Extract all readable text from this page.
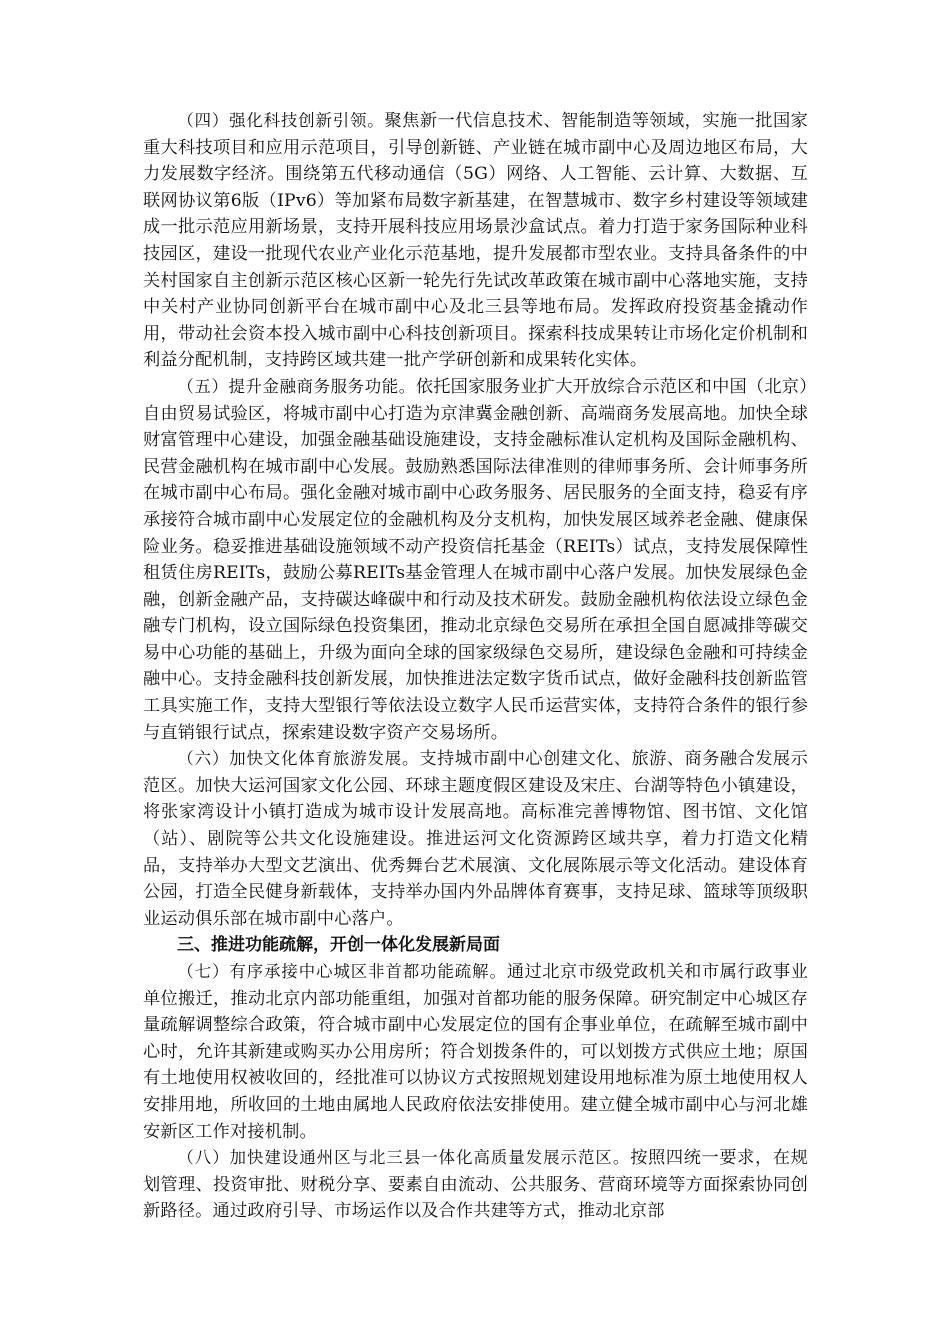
（四）强化科技创新引领。聚焦新一代信息技术、智能制造等领域，实施一批国家重大科技项目和应用示范项目，引导创新链、产业链在城市副中心及周边地区布局，大力发展数字经济。围绕第五代移动通信（5G）网络、人工智能、云计算、大数据、互联网协议第6版（IPv6）等加紧布局数字新基建，在智慧城市、数字乡村建设等领域建成一批示范应用新场景，支持开展科技应用场景沙盒试点。着力打造于家务国际种业科技园区，建设一批现代农业产业化示范基地，提升发展都市型农业。支持具备条件的中关村国家自主创新示范区核心区新一轮先行先试改革政策在城市副中心落地实施，支持中关村产业协同创新平台在城市副中心及北三县等地布局。发挥政府投资基金撬动作用，带动社会资本投入城市副中心科技创新项目。探索科技成果转让市场化定价机制和利益分配机制，支持跨区域共建一批产学研创新和成果转化实体。

（五）提升金融商务服务功能。依托国家服务业扩大开放综合示范区和中国（北京）自由贸易试验区，将城市副中心打造为京津冀金融创新、高端商务发展高地。加快全球财富管理中心建设，加强金融基础设施建设，支持金融标准认定机构及国际金融机构、民营金融机构在城市副中心发展。鼓励熟悉国际法律准则的律师事务所、会计师事务所在城市副中心布局。强化金融对城市副中心政务服务、居民服务的全面支持，稳妥有序承接符合城市副中心发展定位的金融机构及分支机构，加快发展区域养老金融、健康保险业务。稳妥推进基础设施领域不动产投资信托基金（REITs）试点，支持发展保障性租赁住房REITs，鼓励公募REITs基金管理人在城市副中心落户发展。加快发展绿色金融，创新金融产品，支持碳达峰碳中和行动及技术研发。鼓励金融机构依法设立绿色金融专门机构，设立国际绿色投资集团，推动北京绿色交易所在承担全国自愿减排等碳交易中心功能的基础上，升级为面向全球的国家级绿色交易所，建设绿色金融和可持续金融中心。支持金融科技创新发展，加快推进法定数字货币试点，做好金融科技创新监管工具实施工作，支持大型银行等依法设立数字人民币运营实体，支持符合条件的银行参与直销银行试点，探索建设数字资产交易场所。

（六）加快文化体育旅游发展。支持城市副中心创建文化、旅游、商务融合发展示范区。加快大运河国家文化公园、环球主题度假区建设及宋庄、台湖等特色小镇建设，将张家湾设计小镇打造成为城市设计发展高地。高标准完善博物馆、图书馆、文化馆（站）、剧院等公共文化设施建设。推进运河文化资源跨区域共享，着力打造文化精品，支持举办大型文艺演出、优秀舞台艺术展演、文化展陈展示等文化活动。建设体育公园，打造全民健身新载体，支持举办国内外品牌体育赛事，支持足球、篮球等顶级职业运动俱乐部在城市副中心落户。

三、推进功能疏解，开创一体化发展新局面

（七）有序承接中心城区非首都功能疏解。通过北京市级党政机关和市属行政事业单位搬迁，推动北京内部功能重组，加强对首都功能的服务保障。研究制定中心城区存量疏解调整综合政策，符合城市副中心发展定位的国有企事业单位，在疏解至城市副中心时，允许其新建或购买办公用房所；符合划拨条件的，可以划拨方式供应土地；原国有土地使用权被收回的，经批准可以协议方式按照规划建设用地标准为原土地使用权人安排用地，所收回的土地由属地人民政府依法安排使用。建立健全城市副中心与河北雄安新区工作对接机制。

（八）加快建设通州区与北三县一体化高质量发展示范区。按照四统一要求，在规划管理、投资审批、财税分享、要素自由流动、公共服务、营商环境等方面探索协同创新路径。通过政府引导、市场运作以及合作共建等方式，推动北京部
